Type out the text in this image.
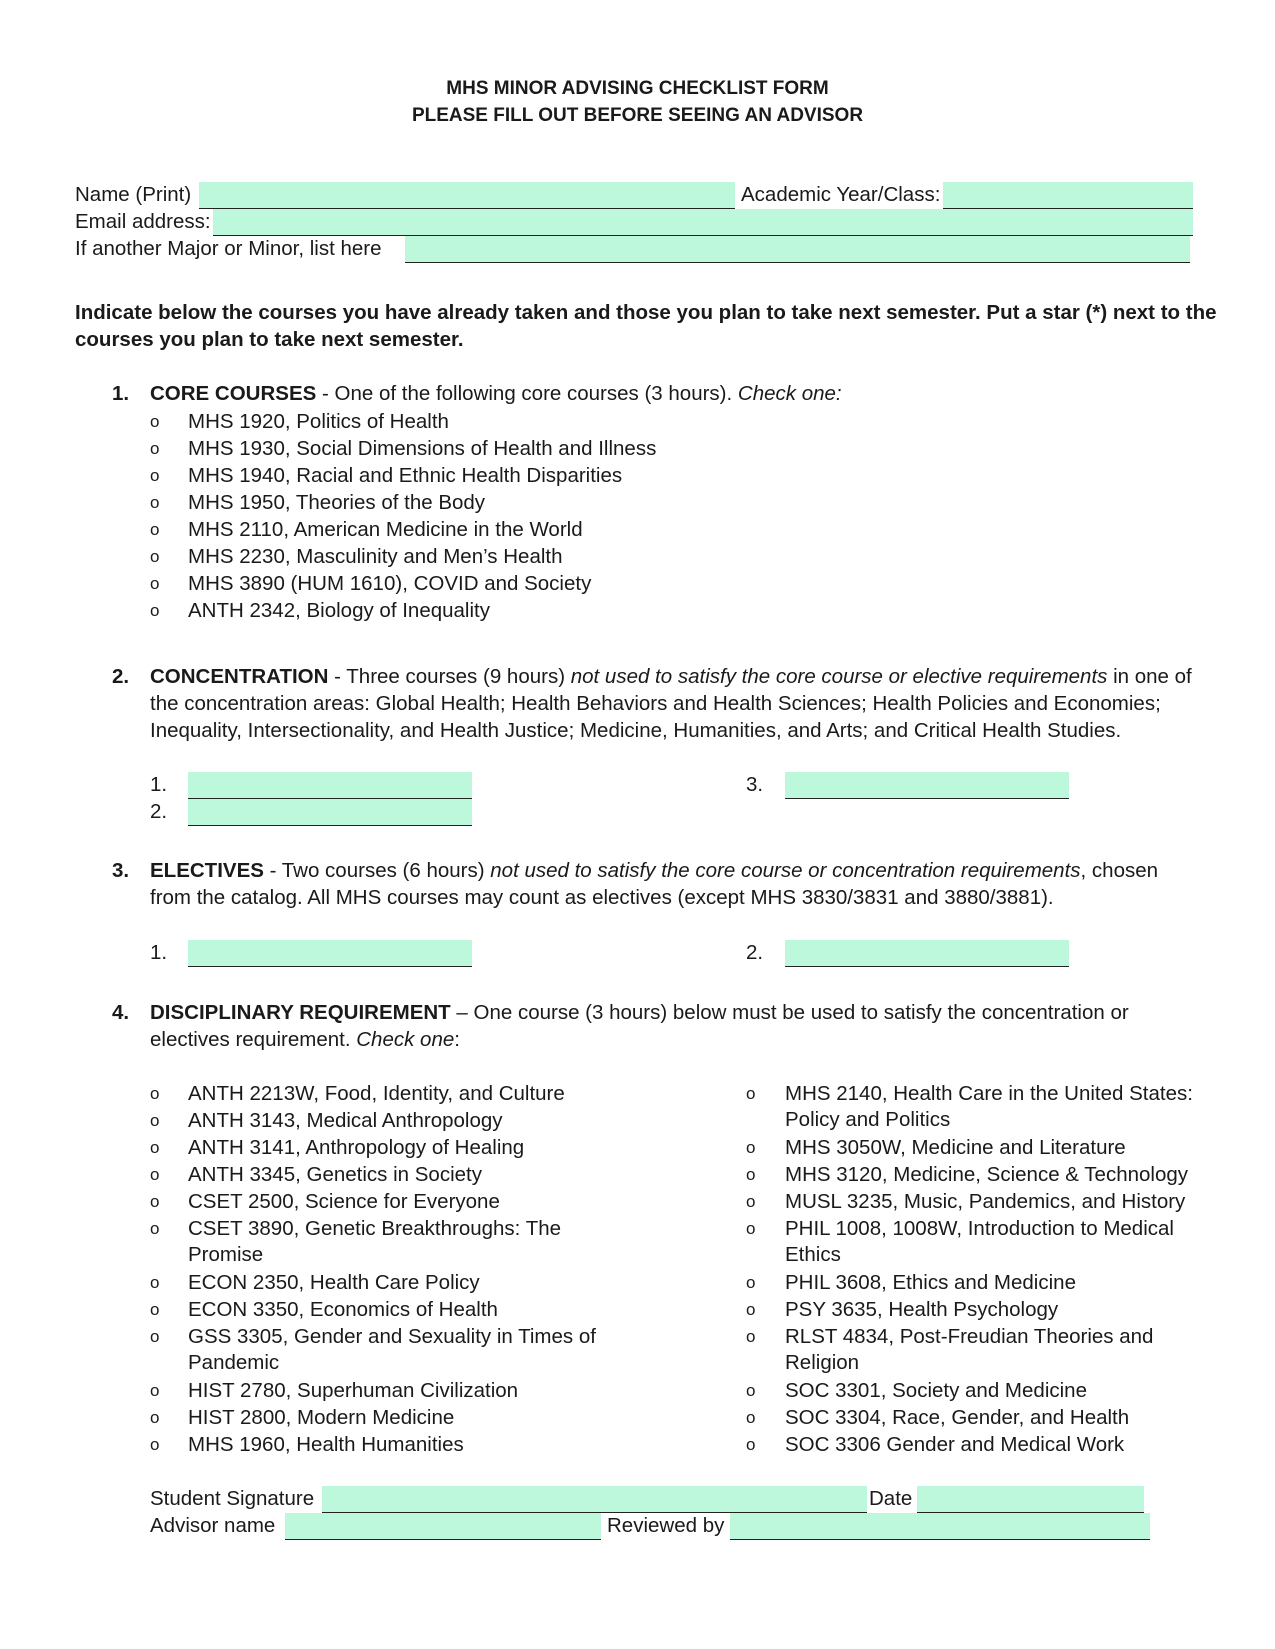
MHS MINOR ADVISING CHECKLIST FORM
PLEASE FILL OUT BEFORE SEEING AN ADVISOR
Name (Print)	Academic Year/Class:
Email address:
If another Major or Minor, list here
Indicate below the courses you have already taken and those you plan to take next semester. Put a star (*) next to the
courses you plan to take next semester.
1. CORE COURSES - One of the following core courses (3 hours). Check one:
o MHS 1920, Politics of Health
o MHS 1930, Social Dimensions of Health and Illness
o MHS 1940, Racial and Ethnic Health Disparities
o MHS 1950, Theories of the Body
o MHS 2110, American Medicine in the World
o MHS 2230, Masculinity and Men’s Health
o MHS 3890 (HUM 1610), COVID and Society
o ANTH 2342, Biology of Inequality
2. CONCENTRATION - Three courses (9 hours) not used to satisfy the core course or elective requirements in one of
the concentration areas: Global Health; Health Behaviors and Health Sciences; Health Policies and Economies;
Inequality, Intersectionality, and Health Justice; Medicine, Humanities, and Arts; and Critical Health Studies.
1.
2.
3.
3. ELECTIVES - Two courses (6 hours) not used to satisfy the core course or concentration requirements, chosen
from the catalog. All MHS courses may count as electives (except MHS 3830/3831 and 3880/3881).
1.	2.
4. DISCIPLINARY REQUIREMENT – One course (3 hours) below must be used to satisfy the concentration or
electives requirement. Check one:
o ANTH 2213W, Food, Identity, and Culture
o ANTH 3143, Medical Anthropology
o ANTH 3141, Anthropology of Healing
o ANTH 3345, Genetics in Society
o CSET 2500, Science for Everyone
o CSET 3890, Genetic Breakthroughs: The Promise
o ECON 2350, Health Care Policy
o ECON 3350, Economics of Health
o GSS 3305, Gender and Sexuality in Times of Pandemic
o HIST 2780, Superhuman Civilization
o HIST 2800, Modern Medicine
o MHS 1960, Health Humanities
o MHS 2140, Health Care in the United States: Policy and Politics
o MHS 3050W, Medicine and Literature
o MHS 3120, Medicine, Science & Technology
o MUSL 3235, Music, Pandemics, and History
o PHIL 1008, 1008W, Introduction to Medical Ethics
o PHIL 3608, Ethics and Medicine
o PSY 3635, Health Psychology
o RLST 4834, Post-Freudian Theories and Religion
o SOC 3301, Society and Medicine
o SOC 3304, Race, Gender, and Health
o SOC 3306 Gender and Medical Work
Student Signature	Date
Advisor name	Reviewed by
